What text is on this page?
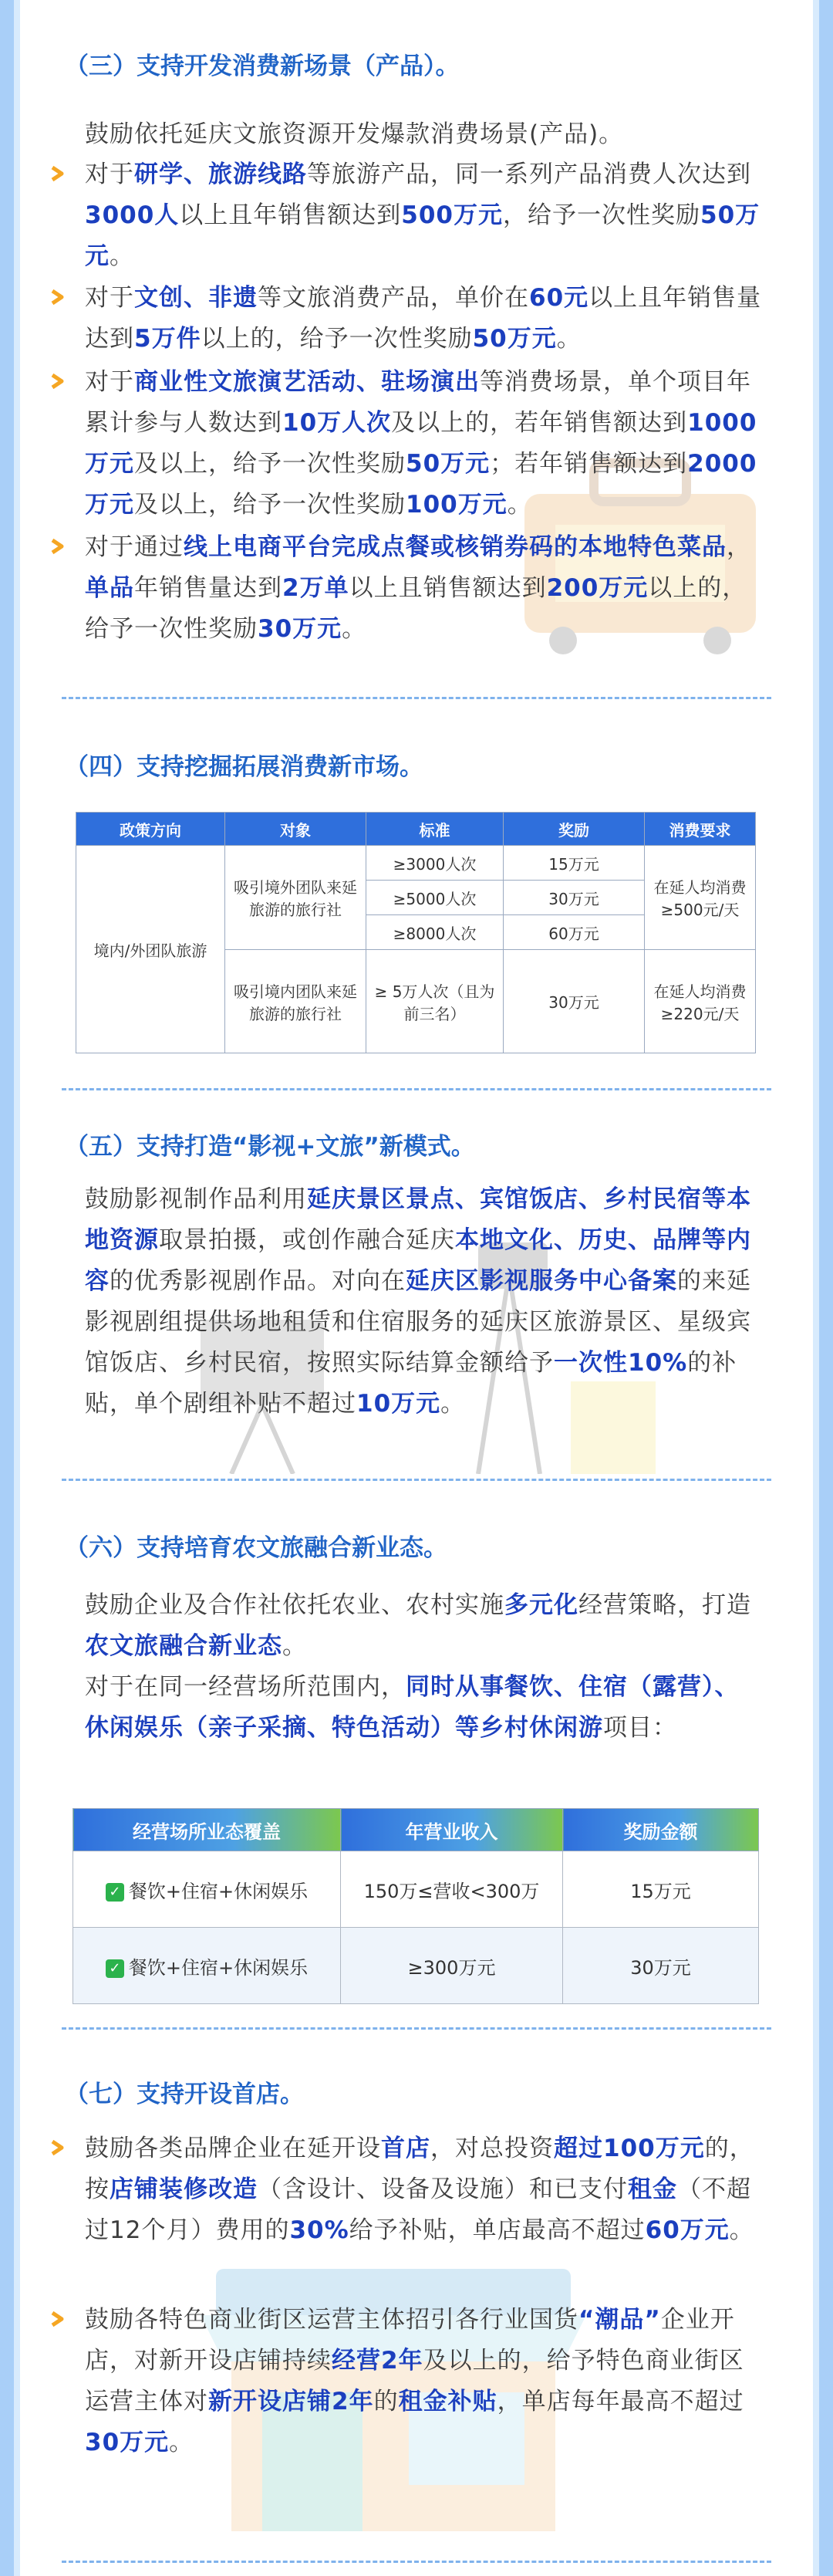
（三）支持开发消费新场景（产品）。

鼓励依托延庆文旅资源开发爆款消费场景(产品)。

对于研学、旅游线路等旅游产品，同一系列产品消费人次达到3000人以上且年销售额达到500万元，给予一次性奖励50万元。

对于文创、非遗等文旅消费产品，单价在60元以上且年销售量达到5万件以上的，给予一次性奖励50万元。

对于商业性文旅演艺活动、驻场演出等消费场景，单个项目年累计参与人数达到10万人次及以上的，若年销售额达到1000万元及以上，给予一次性奖励50万元；若年销售额达到2000万元及以上，给予一次性奖励100万元。

对于通过线上电商平台完成点餐或核销券码的本地特色菜品，单品年销售量达到2万单以上且销售额达到200万元以上的，给予一次性奖励30万元。

（四）支持挖掘拓展消费新市场。
政策方向	对象	标准	奖励	消费要求
境内/外团队旅游	吸引境外团队来延旅游的旅行社	≥3000人次	15万元	在延人均消费≥500元/天
		≥5000人次	30万元	
		≥8000人次	60万元	
	吸引境内团队来延旅游的旅行社	≥ 5万人次（且为前三名）	30万元	在延人均消费≥220元/天
（五）支持打造“影视+文旅”新模式。

鼓励影视制作品利用延庆景区景点、宾馆饭店、乡村民宿等本地资源取景拍摄，或创作融合延庆本地文化、历史、品牌等内容的优秀影视剧作品。对向在延庆区影视服务中心备案的来延影视剧组提供场地租赁和住宿服务的延庆区旅游景区、星级宾馆饭店、乡村民宿，按照实际结算金额给予一次性10%的补贴，单个剧组补贴不超过10万元。

（六）支持培育农文旅融合新业态。

鼓励企业及合作社依托农业、农村实施多元化经营策略，打造农文旅融合新业态。

对于在同一经营场所范围内，同时从事餐饮、住宿（露营）、休闲娱乐（亲子采摘、特色活动）等乡村休闲游项目：

经营场所业态覆盖	年营业收入	奖励金额
✓ 餐饮+住宿+休闲娱乐	150万≤营收<300万	15万元
✓ 餐饮+住宿+休闲娱乐	≥300万元	30万元
（七）支持开设首店。

鼓励各类品牌企业在延开设首店，对总投资超过100万元的，按店铺装修改造（含设计、设备及设施）和已支付租金（不超过12个月）费用的30%给予补贴，单店最高不超过60万元。

鼓励各特色商业街区运营主体招引各行业国货“潮品”企业开店，对新开设店铺持续经营2年及以上的，给予特色商业街区运营主体对新开设店铺2年的租金补贴，单店每年最高不超过30万元。
